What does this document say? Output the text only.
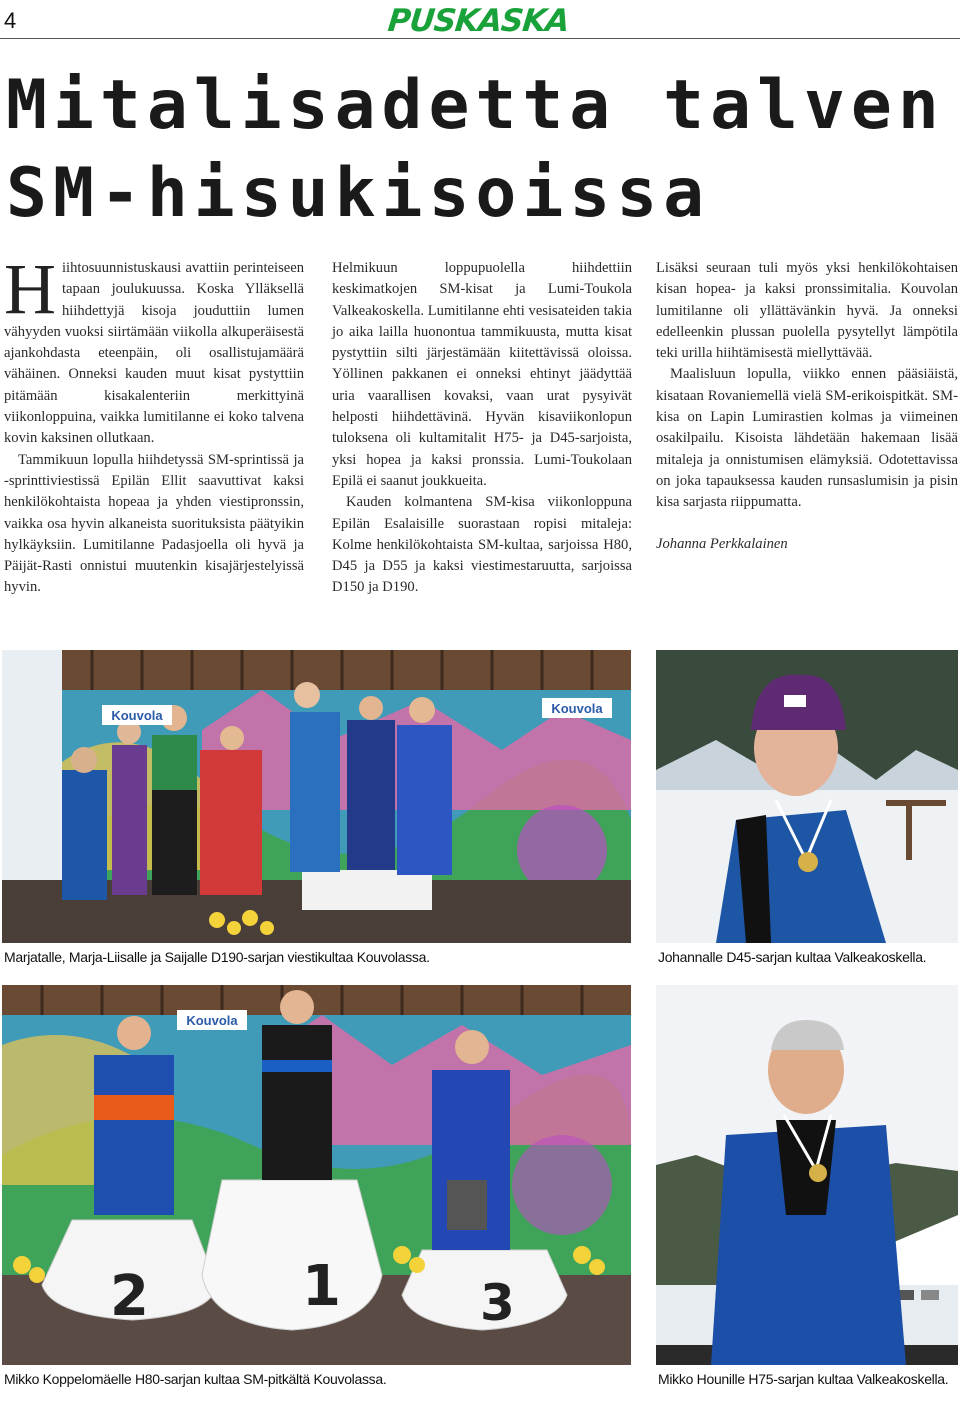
4	PUSKASKA
Mitalisadetta talven
SM-hisukisoissa

Hiihtosuunnistuskausi avattiin perinteiseen tapaan joulukuussa. Koska Ylläksellä hiihdettyjä kisoja jouduttiin lumen vähyyden vuoksi siirtämään viikolla alkuperäisestä ajankohdasta eteenpäin, oli osallistujamäärä vähäinen. Onneksi kauden muut kisat pystyttiin pitämään kisakalenteriin merkittyinä viikonloppuina, vaikka lumitilanne ei koko talvena kovin kaksinen ollutkaan.

Tammikuun lopulla hiihdetyssä SM-sprintissä ja -sprinttiviestissä Epilän Ellit saavuttivat kaksi henkilökohtaista hopeaa ja yhden viestipronssin, vaikka osa hyvin alkaneista suorituksista päätyikin hylkäyksiin. Lumitilanne Padasjoella oli hyvä ja Päijät-Rasti onnistui muutenkin kisajärjestelyissä hyvin.

Helmikuun loppupuolella hiihdettiin keskimatkojen SM-kisat ja Lumi-Toukola Valkeakoskella. Lumitilanne ehti vesisateiden takia jo aika lailla huonontua tammikuusta, mutta kisat pystyttiin silti järjestämään kiitettävissä oloissa. Yöllinen pakkanen ei onneksi ehtinyt jäädyttää uria vaarallisen kovaksi, vaan urat pysyivät helposti hiihdettävinä. Hyvän kisaviikonlopun tuloksena oli kultamitalit H75- ja D45-sarjoista, yksi hopea ja kaksi pronssia. Lumi-Toukolaan Epilä ei saanut joukkueita.

Kauden kolmantena SM-kisa viikonloppuna Epilän Esalaisille suorastaan ropisi mitaleja: Kolme henkilökohtaista SM-kultaa, sarjoissa H80, D45 ja D55 ja kaksi viestimestaruutta, sarjoissa D150 ja D190.

Lisäksi seuraan tuli myös yksi henkilökohtaisen kisan hopea- ja kaksi pronssimitalia. Kouvolan lumitilanne oli yllättävänkin hyvä. Ja onneksi edelleenkin plussan puolella pysytellyt lämpötila teki urilla hiihtämisestä miellyttävää.

Maalisluun lopulla, viikko ennen pääsiäistä, kisataan Rovaniemellä vielä SM-erikoispitkät. SM-kisa on Lapin Lumirastien kolmas ja viimeinen osakilpailu. Kisoista lähdetään hakemaan lisää mitaleja ja onnistumisen elämyksiä. Odotettavissa on joka tapauksessa kauden runsaslumisin ja pisin kisa sarjasta riippumatta.

Johanna Perkkalainen

Kouvola	Kouvola
Marjatalle, Marja-Liisalle ja Saijalle D190-sarjan viestikultaa Kouvolassa.	Johannalle D45-sarjan kultaa Valkeakoskella.
Kouvola
2	1	3
Mikko Koppelomäelle H80-sarjan kultaa SM-pitkältä Kouvolassa.	Mikko Hounille H75-sarjan kultaa Valkeakoskella.
